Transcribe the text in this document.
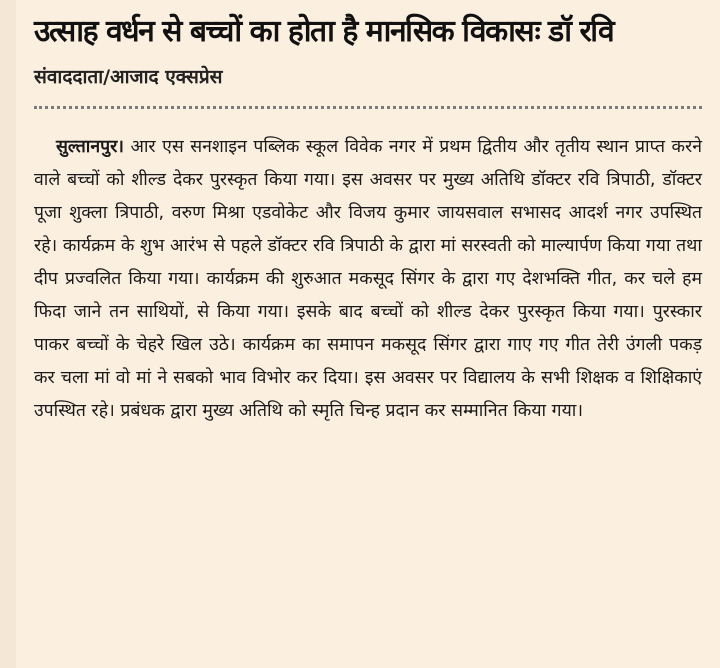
उत्साह वर्धन से बच्चों का होता है मानसिक विकासः डॉ रवि
संवाददाता/आजाद एक्सप्रेस

सुल्तानपुर। आर एस सनशाइन पब्लिक स्कूल विवेक नगर में प्रथम द्वितीय और तृतीय स्थान प्राप्त करने वाले बच्चों को शील्ड देकर पुरस्कृत किया गया। इस अवसर पर मुख्य अतिथि डॉक्टर रवि त्रिपाठी, डॉक्टर पूजा शुक्ला त्रिपाठी, वरुण मिश्रा एडवोकेट और विजय कुमार जायसवाल सभासद आदर्श नगर उपस्थित रहे। कार्यक्रम के शुभ आरंभ से पहले डॉक्टर रवि त्रिपाठी के द्वारा मां सरस्वती को माल्यार्पण किया गया तथा दीप प्रज्वलित किया गया। कार्यक्रम की शुरुआत मकसूद सिंगर के द्वारा गए देशभक्ति गीत, कर चले हम फिदा जाने तन साथियों, से किया गया। इसके बाद बच्चों को शील्ड देकर पुरस्कृत किया गया। पुरस्कार पाकर बच्चों के चेहरे खिल उठे। कार्यक्रम का समापन मकसूद सिंगर द्वारा गाए गए गीत तेरी उंगली पकड़ कर चला मां वो मां ने सबको भाव विभोर कर दिया। इस अवसर पर विद्यालय के सभी शिक्षक व शिक्षिकाएं उपस्थित रहे। प्रबंधक द्वारा मुख्य अतिथि को स्मृति चिन्ह प्रदान कर सम्मानित किया गया।
